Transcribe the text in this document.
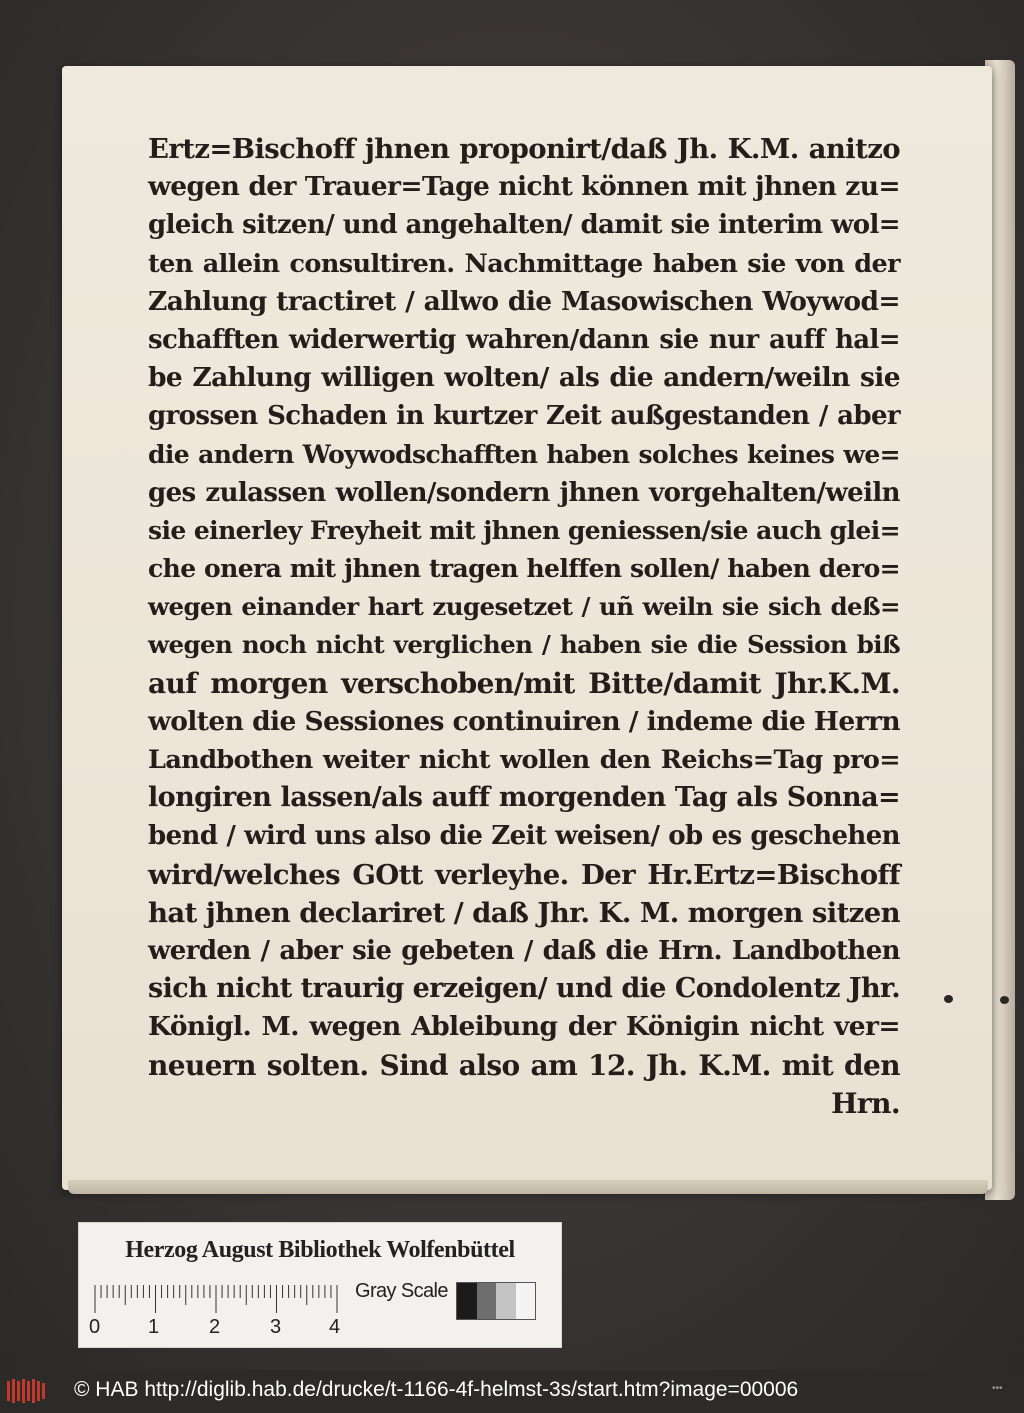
Ertz=Bischoff jhnen proponirt/daß Jh. K.M. anitzo
wegen der Trauer=Tage nicht können mit jhnen zu=
gleich sitzen/ und angehalten/ damit sie interim wol=
ten allein consultiren. Nachmittage haben sie von der
Zahlung tractiret / allwo die Masowischen Woywod=
schafften widerwertig wahren/dann sie nur auff hal=
be Zahlung willigen wolten/ als die andern/weiln sie
grossen Schaden in kurtzer Zeit außgestanden / aber
die andern Woywodschafften haben solches keines we=
ges zulassen wollen/sondern jhnen vorgehalten/weiln
sie einerley Freyheit mit jhnen geniessen/sie auch glei=
che onera mit jhnen tragen helffen sollen/ haben dero=
wegen einander hart zugesetzet / uñ weiln sie sich deß=
wegen noch nicht verglichen / haben sie die Session biß
auf morgen verschoben/mit Bitte/damit Jhr.K.M.
wolten die Sessiones continuiren / indeme die Herrn
Landbothen weiter nicht wollen den Reichs=Tag pro=
longiren lassen/als auff morgenden Tag als Sonna=
bend / wird uns also die Zeit weisen/ ob es geschehen
wird/welches GOtt verleyhe. Der Hr.Ertz=Bischoff
hat jhnen declariret / daß Jhr. K. M. morgen sitzen
werden / aber sie gebeten / daß die Hrn. Landbothen
sich nicht traurig erzeigen/ und die Condolentz Jhr.
Königl. M. wegen Ableibung der Königin nicht ver=
neuern solten. Sind also am 12. Jh. K.M. mit den
Hrn.
Herzog August Bibliothek Wolfenbüttel
0 1 2 3 4
Gray Scale
© HAB http://diglib.hab.de/drucke/t-1166-4f-helmst-3s/start.htm?image=00006	•••
